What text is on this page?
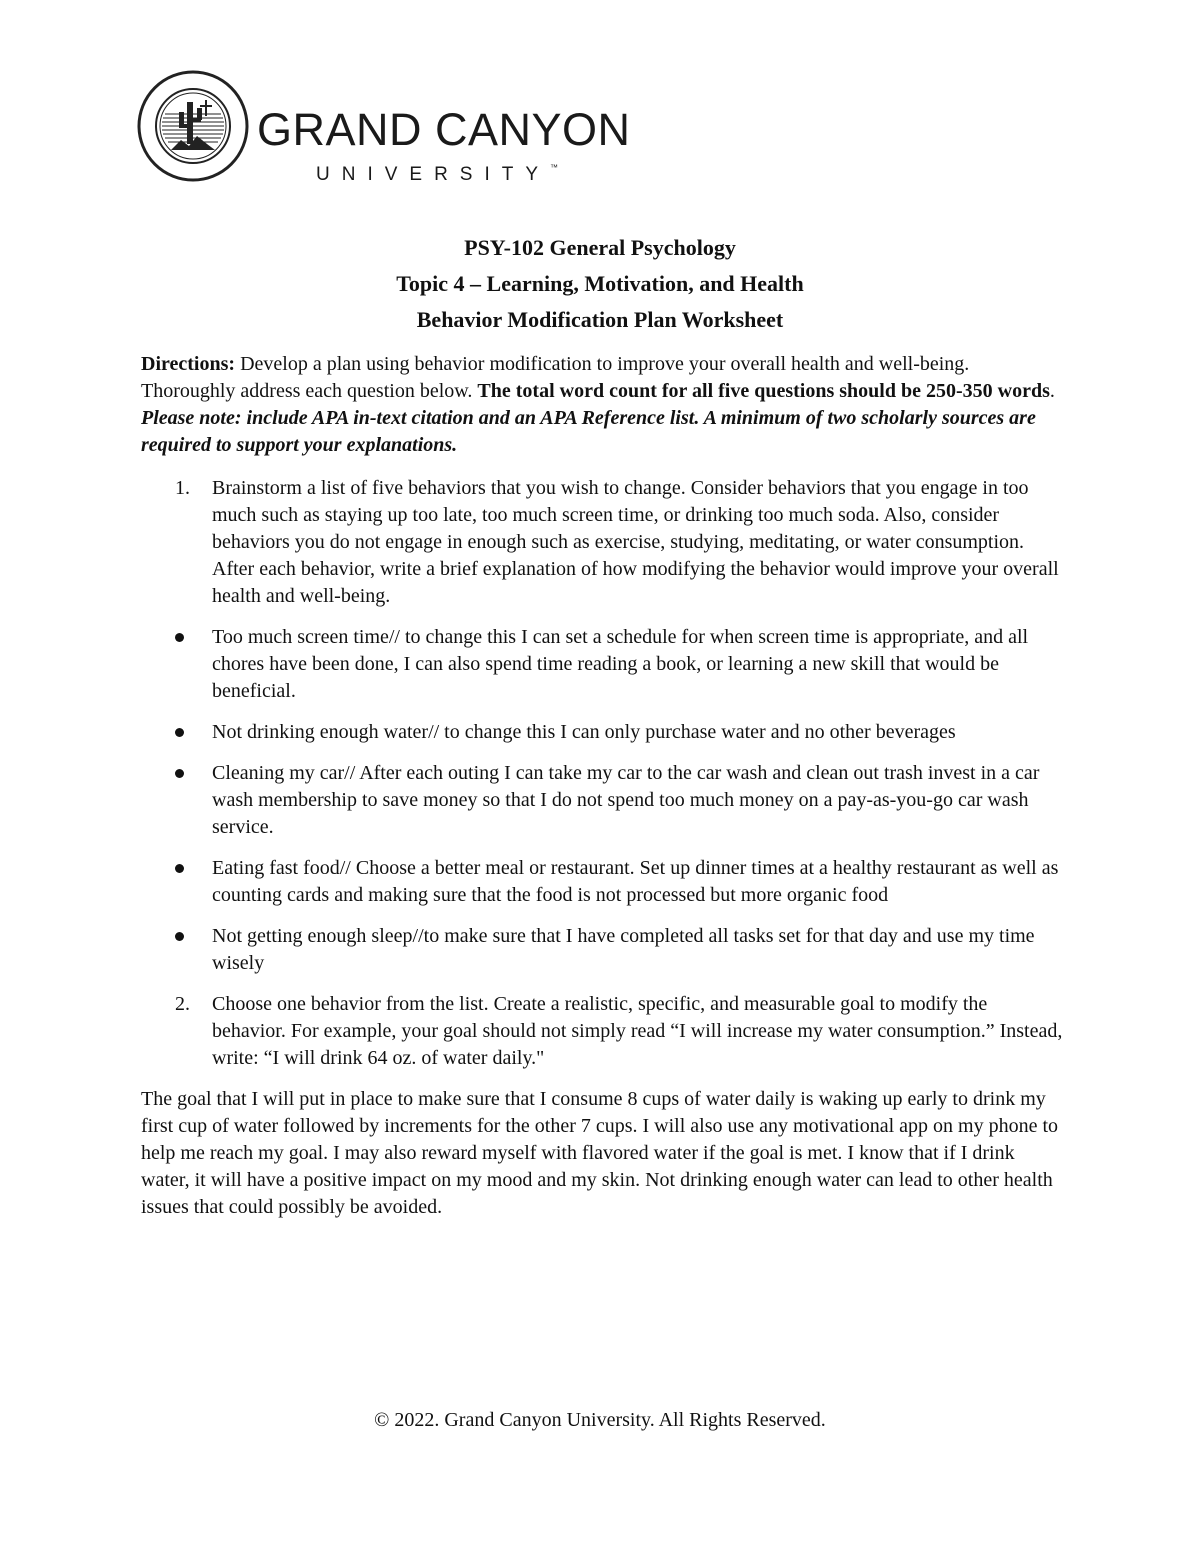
GRAND CANYON
UNIVERSITY™

PSY-102 General Psychology

Topic 4 – Learning, Motivation, and Health

Behavior Modification Plan Worksheet

Directions: Develop a plan using behavior modification to improve your overall health and well-being. Thoroughly address each question below. The total word count for all five questions should be 250-350 words. Please note: include APA in-text citation and an APA Reference list. A minimum of two scholarly sources are required to support your explanations.

1. Brainstorm a list of five behaviors that you wish to change. Consider behaviors that you engage in too much such as staying up too late, too much screen time, or drinking too much soda. Also, consider behaviors you do not engage in enough such as exercise, studying, meditating, or water consumption. After each behavior, write a brief explanation of how modifying the behavior would improve your overall health and well-being.

Too much screen time// to change this I can set a schedule for when screen time is appropriate, and all chores have been done, I can also spend time reading a book, or learning a new skill that would be beneficial.

Not drinking enough water// to change this I can only purchase water and no other beverages

Cleaning my car// After each outing I can take my car to the car wash and clean out trash invest in a car wash membership to save money so that I do not spend too much money on a pay-as-you-go car wash service.

Eating fast food// Choose a better meal or restaurant. Set up dinner times at a healthy restaurant as well as counting cards and making sure that the food is not processed but more organic food

Not getting enough sleep//to make sure that I have completed all tasks set for that day and use my time wisely

2. Choose one behavior from the list. Create a realistic, specific, and measurable goal to modify the behavior. For example, your goal should not simply read “I will increase my water consumption.” Instead, write: “I will drink 64 oz. of water daily."

The goal that I will put in place to make sure that I consume 8 cups of water daily is waking up early to drink my first cup of water followed by increments for the other 7 cups. I will also use any motivational app on my phone to help me reach my goal. I may also reward myself with flavored water if the goal is met. I know that if I drink water, it will have a positive impact on my mood and my skin. Not drinking enough water can lead to other health issues that could possibly be avoided.

© 2022. Grand Canyon University. All Rights Reserved.
